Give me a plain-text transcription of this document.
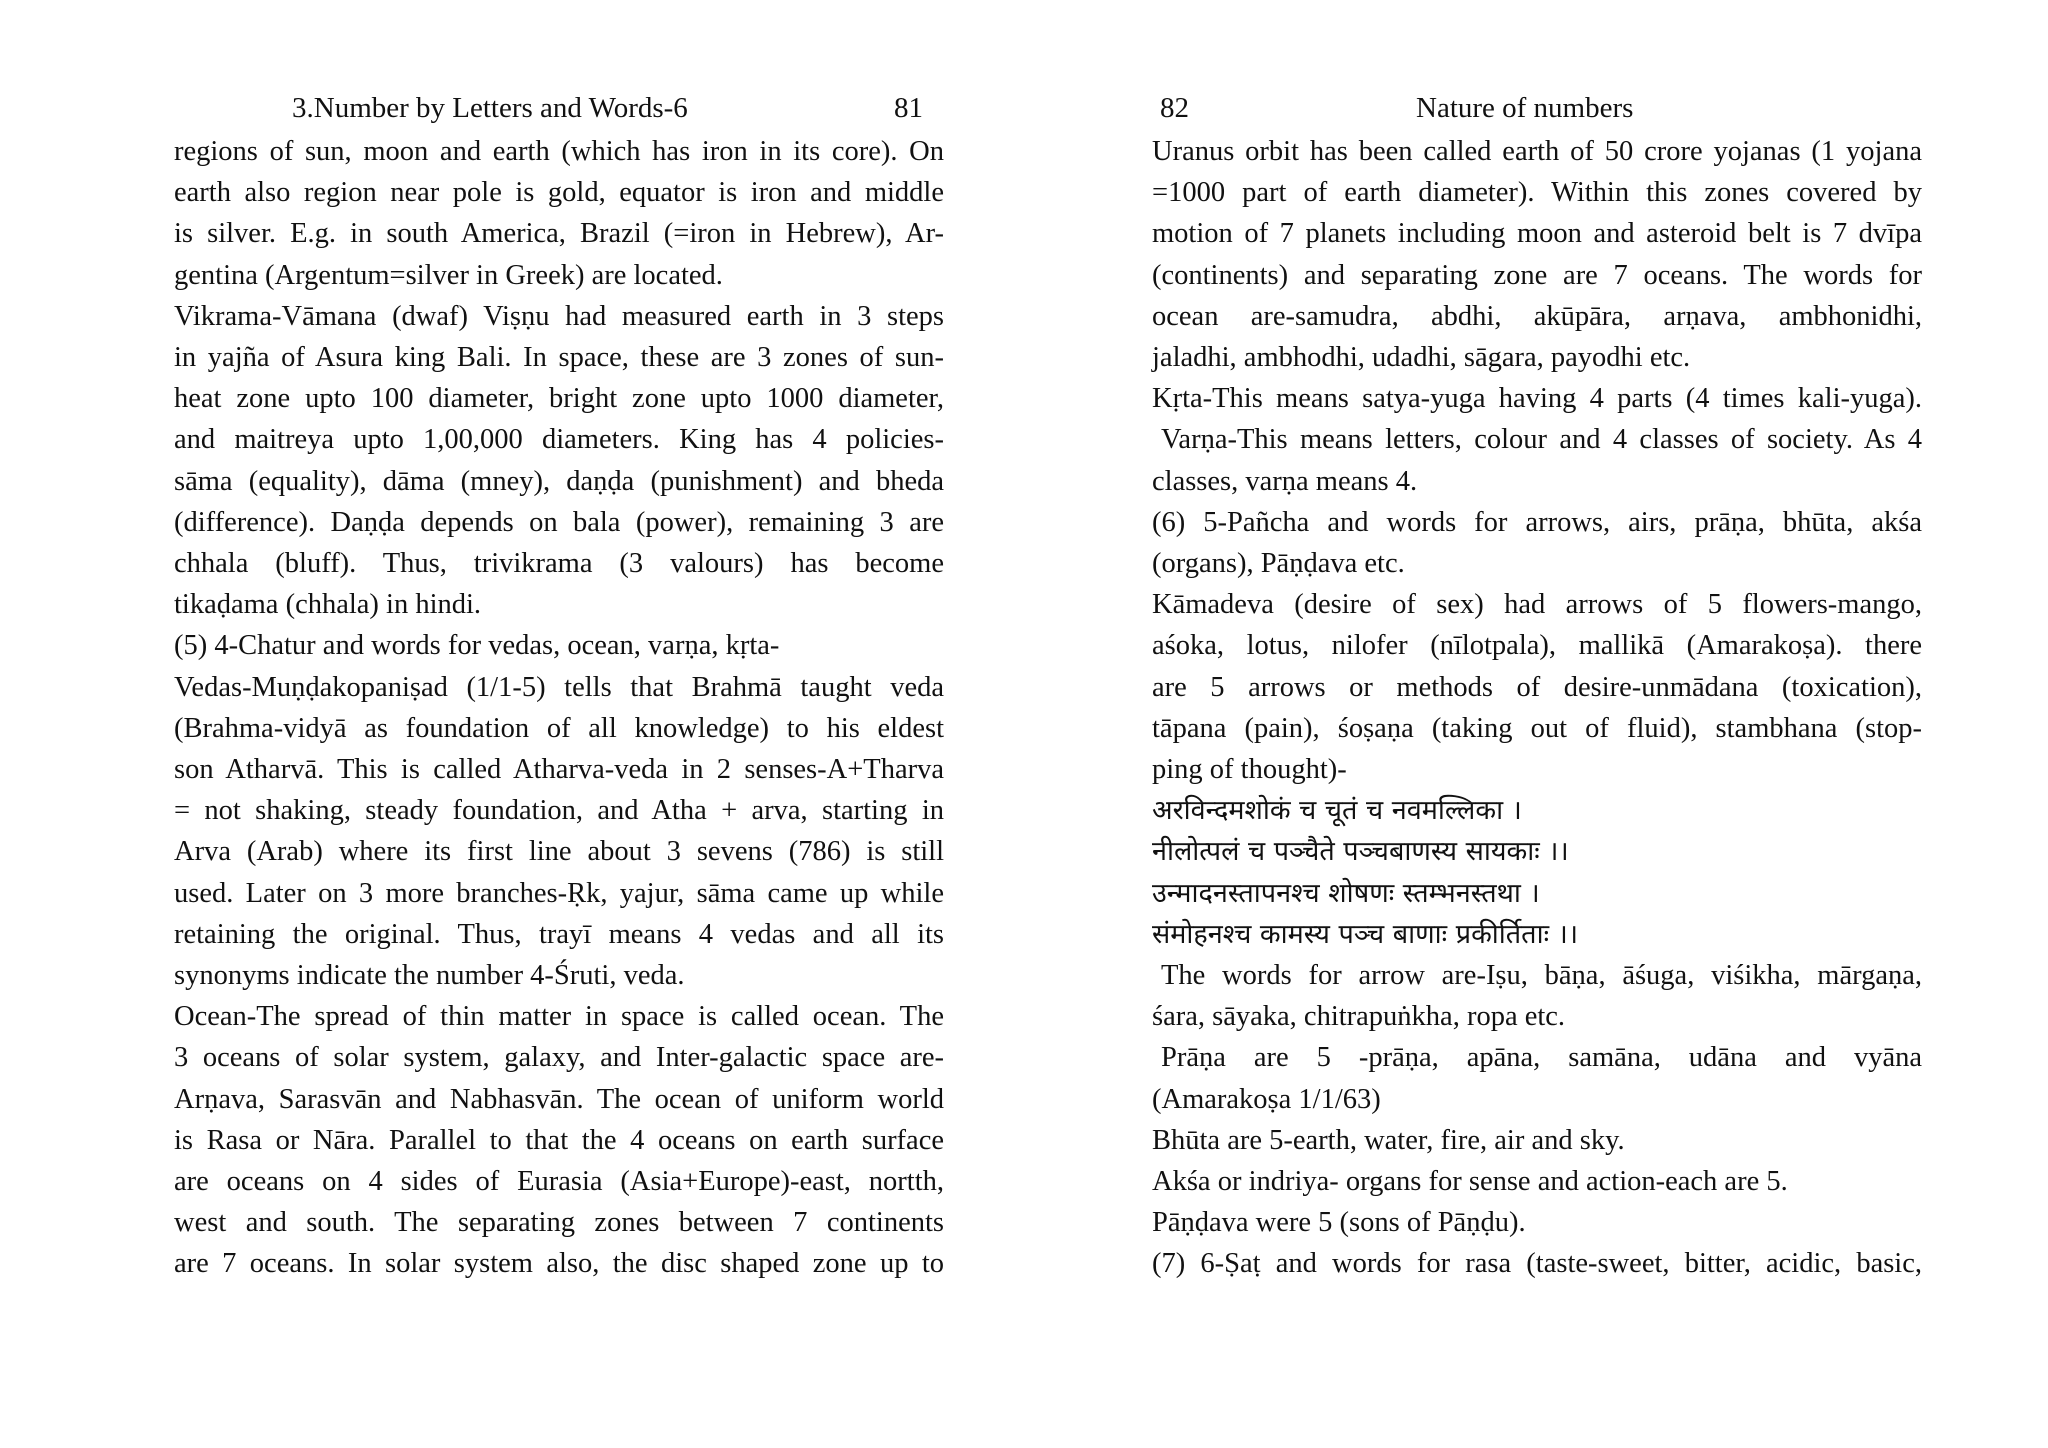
3.Number by Letters and Words-6	81
regions of sun, moon and earth (which has iron in its core). On
earth also region near pole is gold, equator is iron and middle
is silver. E.g. in south America, Brazil (=iron in Hebrew), Ar-
gentina (Argentum=silver in Greek) are located.
Vikrama-Vāmana (dwaf) Viṣṇu had measured earth in 3 steps
in yajña of Asura king Bali. In space, these are 3 zones of sun-
heat zone upto 100 diameter, bright zone upto 1000 diameter,
and maitreya upto 1,00,000 diameters. King has 4 policies-
sāma (equality), dāma (mney), daṇḍa (punishment) and bheda
(difference). Daṇḍa depends on bala (power), remaining 3 are
chhala (bluff). Thus, trivikrama (3 valours) has become
tikaḍama (chhala) in hindi.
(5) 4-Chatur and words for vedas, ocean, varṇa, kṛta-
Vedas-Muṇḍakopaniṣad (1/1-5) tells that Brahmā taught veda
(Brahma-vidyā as foundation of all knowledge) to his eldest
son Atharvā. This is called Atharva-veda in 2 senses-A+Tharva
= not shaking, steady foundation, and Atha + arva, starting in
Arva (Arab) where its first line about 3 sevens (786) is still
used. Later on 3 more branches-Ṛk, yajur, sāma came up while
retaining the original. Thus, trayī means 4 vedas and all its
synonyms indicate the number 4-Śruti, veda.
Ocean-The spread of thin matter in space is called ocean. The
3 oceans of solar system, galaxy, and Inter-galactic space are-
Arṇava, Sarasvān and Nabhasvān. The ocean of uniform world
is Rasa or Nāra. Parallel to that the 4 oceans on earth surface
are oceans on 4 sides of Eurasia (Asia+Europe)-east, nortth,
west and south. The separating zones between 7 continents
are 7 oceans. In solar system also, the disc shaped zone up to
82	Nature of numbers
Uranus orbit has been called earth of 50 crore yojanas (1 yojana
=1000 part of earth diameter). Within this zones covered by
motion of 7 planets including moon and asteroid belt is 7 dvīpa
(continents) and separating zone are 7 oceans. The words for
ocean are-samudra, abdhi, akūpāra, arṇava, ambhonidhi,
jaladhi, ambhodhi, udadhi, sāgara, payodhi etc.
Kṛta-This means satya-yuga having 4 parts (4 times kali-yuga).
Varṇa-This means letters, colour and 4 classes of society. As 4
classes, varṇa means 4.
(6) 5-Pañcha and words for arrows, airs, prāṇa, bhūta, akśa
(organs), Pāṇḍava etc.
Kāmadeva (desire of sex) had arrows of 5 flowers-mango,
aśoka, lotus, nilofer (nīlotpala), mallikā (Amarakoṣa). there
are 5 arrows or methods of desire-unmādana (toxication),
tāpana (pain), śoṣaṇa (taking out of fluid), stambhana (stop-
ping of thought)-
अरविन्दमशोकं च चूतं च नवमल्लिका ।
नीलोत्पलं च पञ्चैते पञ्चबाणस्य सायकाः ।।
उन्मादनस्तापनश्च शोषणः स्तम्भनस्तथा ।
संमोहनश्च कामस्य पञ्च बाणाः प्रकीर्तिताः ।।
The words for arrow are-Iṣu, bāṇa, āśuga, viśikha, mārgaṇa,
śara, sāyaka, chitrapuṅkha, ropa etc.
Prāṇa are 5 -prāṇa, apāna, samāna, udāna and vyāna
(Amarakoṣa 1/1/63)
Bhūta are 5-earth, water, fire, air and sky.
Akśa or indriya- organs for sense and action-each are 5.
Pāṇḍava were 5 (sons of Pāṇḍu).
(7) 6-Ṣaṭ and words for rasa (taste-sweet, bitter, acidic, basic,
